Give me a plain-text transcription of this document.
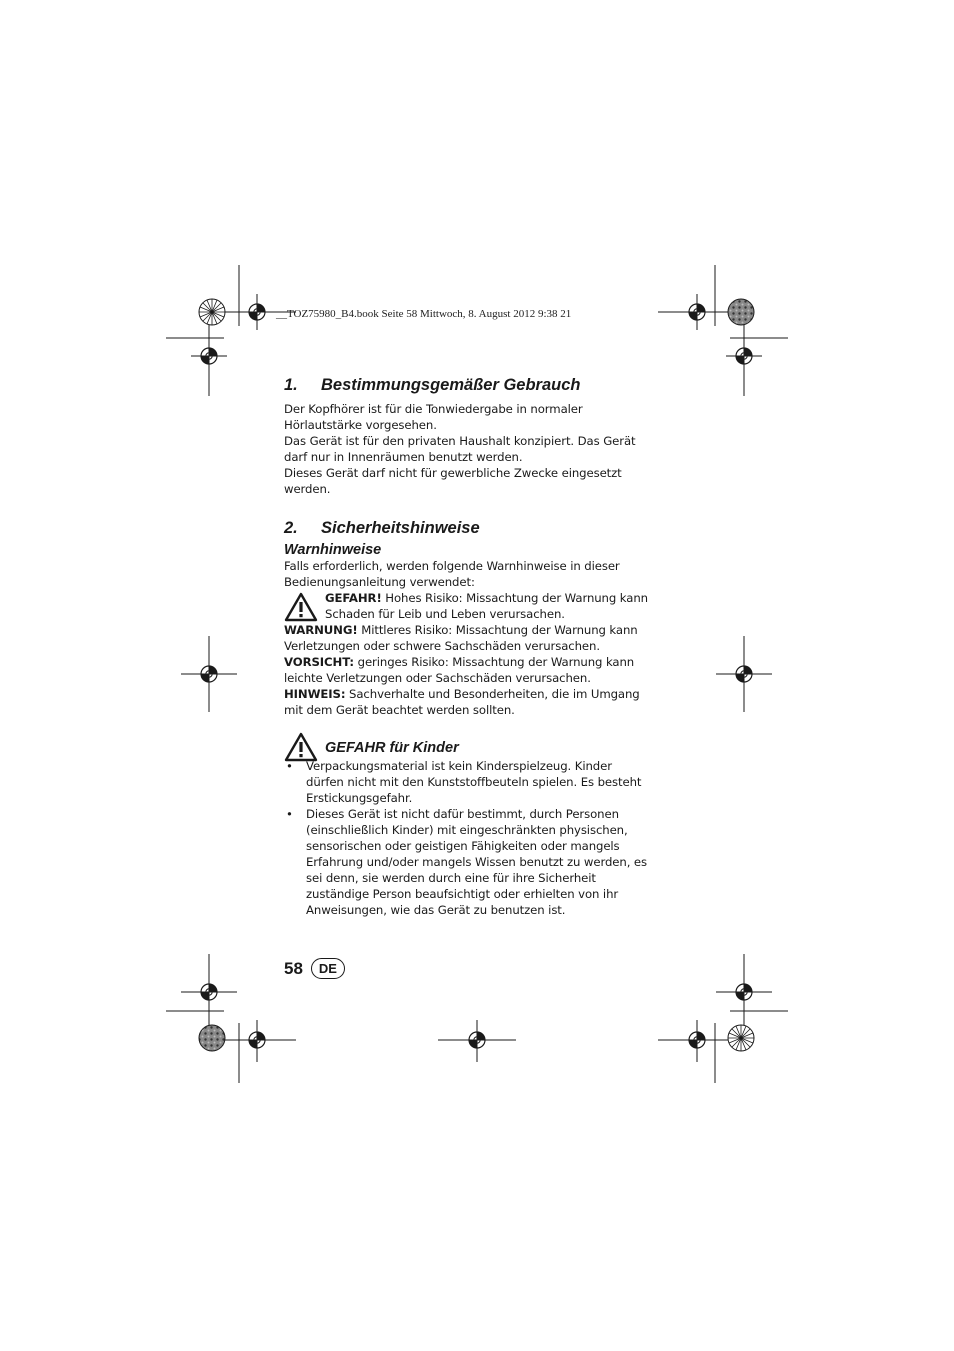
__TOZ75980_B4.book Seite 58 Mittwoch, 8. August 2012 9:38 21
1. Bestimmungsgemäßer Gebrauch

Der Kopfhörer ist für die Tonwiedergabe in normaler Hörlautstärke vorgesehen.

Das Gerät ist für den privaten Haushalt konzipiert. Das Gerät darf nur in Innenräumen benutzt werden.

Dieses Gerät darf nicht für gewerbliche Zwecke eingesetzt werden.

2. Sicherheitshinweise
Warnhinweise

Falls erforderlich, werden folgende Warnhinweise in dieser Bedienungsanleitung verwendet:

GEFAHR! Hohes Risiko: Missachtung der Warnung kann Schaden für Leib und Leben verursachen.

WARNUNG! Mittleres Risiko: Missachtung der Warnung kann Verletzungen oder schwere Sachschäden verursachen.

VORSICHT: geringes Risiko: Missachtung der Warnung kann leichte Verletzungen oder Sachschäden verursachen.

HINWEIS: Sachverhalte und Besonderheiten, die im Umgang mit dem Gerät beachtet werden sollten.

GEFAHR für Kinder
• Verpackungsmaterial ist kein Kinderspielzeug. Kinder dürfen nicht mit den Kunststoffbeuteln spielen. Es besteht Erstickungsgefahr.
• Dieses Gerät ist nicht dafür bestimmt, durch Personen (einschließlich Kinder) mit eingeschränkten physischen, sensorischen oder geistigen Fähigkeiten oder mangels Erfahrung und/oder mangels Wissen benutzt zu werden, es sei denn, sie werden durch eine für ihre Sicherheit zuständige Person beaufsichtigt oder erhielten von ihr Anweisungen, wie das Gerät zu benutzen ist.
58	DE
